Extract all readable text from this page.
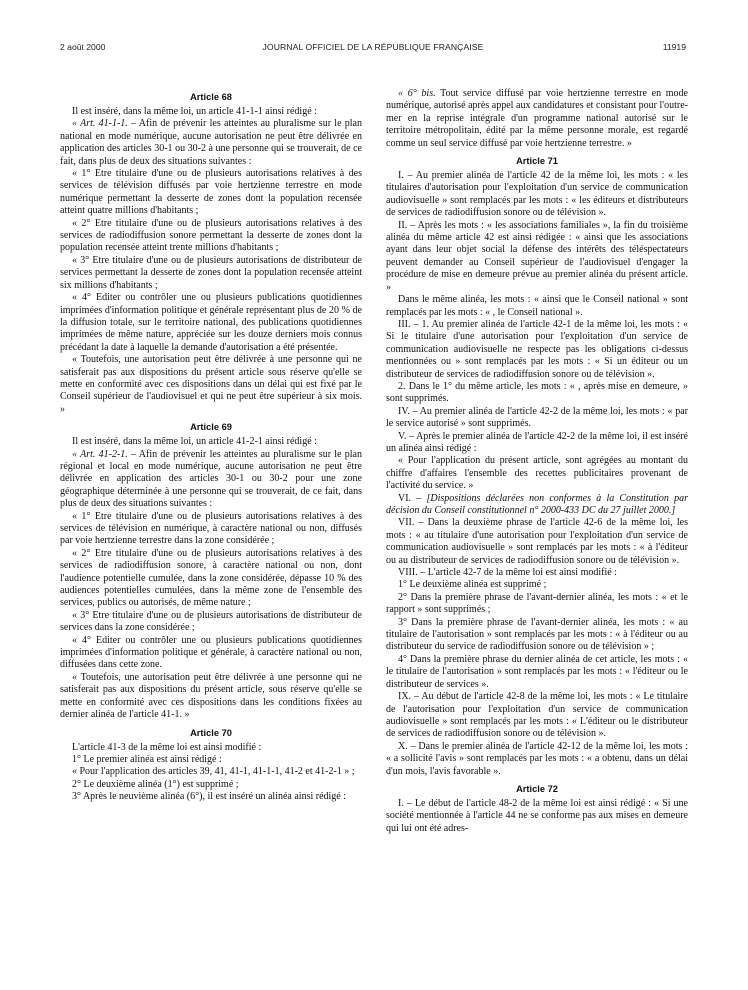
2 août 2000	JOURNAL OFFICIEL DE LA RÉPUBLIQUE FRANÇAISE	11919
Article 68

Il est inséré, dans la même loi, un article 41-1-1 ainsi rédigé :

« Art. 41-1-1. – Afin de prévenir les atteintes au pluralisme sur le plan national en mode numérique, aucune autorisation ne peut être délivrée en application des articles 30-1 ou 30-2 à une personne qui se trouverait, de ce fait, dans plus de deux des situations suivantes :

« 1° Etre titulaire d'une ou de plusieurs autorisations relatives à des services de télévision diffusés par voie hertzienne terrestre en mode numérique permettant la desserte de zones dont la population recensée atteint quatre millions d'habitants ;

« 2° Etre titulaire d'une ou de plusieurs autorisations relatives à des services de radiodiffusion sonore permettant la desserte de zones dont la population recensée atteint trente millions d'habitants ;

« 3° Etre titulaire d'une ou de plusieurs autorisations de distributeur de services permettant la desserte de zones dont la population recensée atteint six millions d'habitants ;

« 4° Editer ou contrôler une ou plusieurs publications quotidiennes imprimées d'information politique et générale représentant plus de 20 % de la diffusion totale, sur le territoire national, des publications quotidiennes imprimées de même nature, appréciée sur les douze derniers mois connus précédant la date à laquelle la demande d'autorisation a été présentée.

« Toutefois, une autorisation peut être délivrée à une personne qui ne satisferait pas aux dispositions du présent article sous réserve qu'elle se mette en conformité avec ces dispositions dans un délai qui est fixé par le Conseil supérieur de l'audiovisuel et qui ne peut être supérieur à six mois. »

Article 69

Il est inséré, dans la même loi, un article 41-2-1 ainsi rédigé :

« Art. 41-2-1. – Afin de prévenir les atteintes au pluralisme sur le plan régional et local en mode numérique, aucune autorisation ne peut être délivrée en application des articles 30-1 ou 30-2 pour une zone géographique déterminée à une personne qui se trouverait, de ce fait, dans plus de deux des situations suivantes :

« 1° Etre titulaire d'une ou de plusieurs autorisations relatives à des services de télévision en numérique, à caractère national ou non, diffusés par voie hertzienne terrestre dans la zone considérée ;

« 2° Etre titulaire d'une ou de plusieurs autorisations relatives à des services de radiodiffusion sonore, à caractère national ou non, dont l'audience potentielle cumulée, dans la zone considérée, dépasse 10 % des audiences potentielles cumulées, dans la même zone de l'ensemble des services, publics ou autorisés, de même nature ;

« 3° Etre titulaire d'une ou de plusieurs autorisations de distributeur de services dans la zone considérée ;

« 4° Editer ou contrôler une ou plusieurs publications quotidiennes imprimées d'information politique et générale, à caractère national ou non, diffusées dans cette zone.

« Toutefois, une autorisation peut être délivrée à une personne qui ne satisferait pas aux dispositions du présent article, sous réserve qu'elle se mette en conformité avec ces dispositions dans les conditions fixées au dernier alinéa de l'article 41-1. »

Article 70

L'article 41-3 de la même loi est ainsi modifié :

1° Le premier alinéa est ainsi rédigé :

« Pour l'application des articles 39, 41, 41-1, 41-1-1, 41-2 et 41-2-1 » ;

2° Le deuxième alinéa (1°) est supprimé ;

3° Après le neuvième alinéa (6°), il est inséré un alinéa ainsi rédigé :

« 6° bis. Tout service diffusé par voie hertzienne terrestre en mode numérique, autorisé après appel aux candidatures et consistant pour l'outre-mer en la reprise intégrale d'un programme national autorisé sur le territoire métropolitain, édité par la même personne morale, est regardé comme un seul service diffusé par voie hertzienne terrestre. »

Article 71

I. – Au premier alinéa de l'article 42 de la même loi, les mots : « les titulaires d'autorisation pour l'exploitation d'un service de communication audiovisuelle » sont remplacés par les mots : « les éditeurs et distributeurs de services de radiodiffusion sonore ou de télévision ».

II. – Après les mots : « les associations familiales », la fin du troisième alinéa du même article 42 est ainsi rédigée : « ainsi que les associations ayant dans leur objet social la défense des intérêts des téléspectateurs peuvent demander au Conseil supérieur de l'audiovisuel d'engager la procédure de mise en demeure prévue au premier alinéa du présent article. »

Dans le même alinéa, les mots : « ainsi que le Conseil national » sont remplacés par les mots : « , le Conseil national ».

III. – 1. Au premier alinéa de l'article 42-1 de la même loi, les mots : « Si le titulaire d'une autorisation pour l'exploitation d'un service de communication audiovisuelle ne respecte pas les obligations ci-dessus mentionnées ou » sont remplacés par les mots : « Si un éditeur ou un distributeur de services de radiodiffusion sonore ou de télévision ».

2. Dans le 1° du même article, les mots : « , après mise en demeure, » sont supprimés.

IV. – Au premier alinéa de l'article 42-2 de la même loi, les mots : « par le service autorisé » sont supprimés.

V. – Après le premier alinéa de l'article 42-2 de la même loi, il est inséré un alinéa ainsi rédigé :

« Pour l'application du présent article, sont agrégées au montant du chiffre d'affaires l'ensemble des recettes publicitaires provenant de l'activité du service. »

VI. – [Dispositions déclarées non conformes à la Constitution par décision du Conseil constitutionnel n° 2000-433 DC du 27 juillet 2000.]

VII. – Dans la deuxième phrase de l'article 42-6 de la même loi, les mots : « au titulaire d'une autorisation pour l'exploitation d'un service de communication audiovisuelle » sont remplacés par les mots : « à l'éditeur ou au distributeur de services de radiodiffusion sonore ou de télévision ».

VIII. – L'article 42-7 de la même loi est ainsi modifié :

1° Le deuxième alinéa est supprimé ;

2° Dans la première phrase de l'avant-dernier alinéa, les mots : « et le rapport » sont supprimés ;

3° Dans la première phrase de l'avant-dernier alinéa, les mots : « au titulaire de l'autorisation » sont remplacés par les mots : « à l'éditeur ou au distributeur du service de radiodiffusion sonore ou de télévision » ;

4° Dans la première phrase du dernier alinéa de cet article, les mots : « le titulaire de l'autorisation » sont remplacés par les mots : « l'éditeur ou le distributeur de services ».

IX. – Au début de l'article 42-8 de la même loi, les mots : « Le titulaire de l'autorisation pour l'exploitation d'un service de communication audiovisuelle » sont remplacés par les mots : « L'éditeur ou le distributeur de services de radiodiffusion sonore ou de télévision ».

X. – Dans le premier alinéa de l'article 42-12 de la même loi, les mots : « a sollicité l'avis » sont remplacés par les mots : « a obtenu, dans un délai d'un mois, l'avis favorable ».

Article 72

I. – Le début de l'article 48-2 de la même loi est ainsi rédigé : « Si une société mentionnée à l'article 44 ne se conforme pas aux mises en demeure qui lui ont été adres-
